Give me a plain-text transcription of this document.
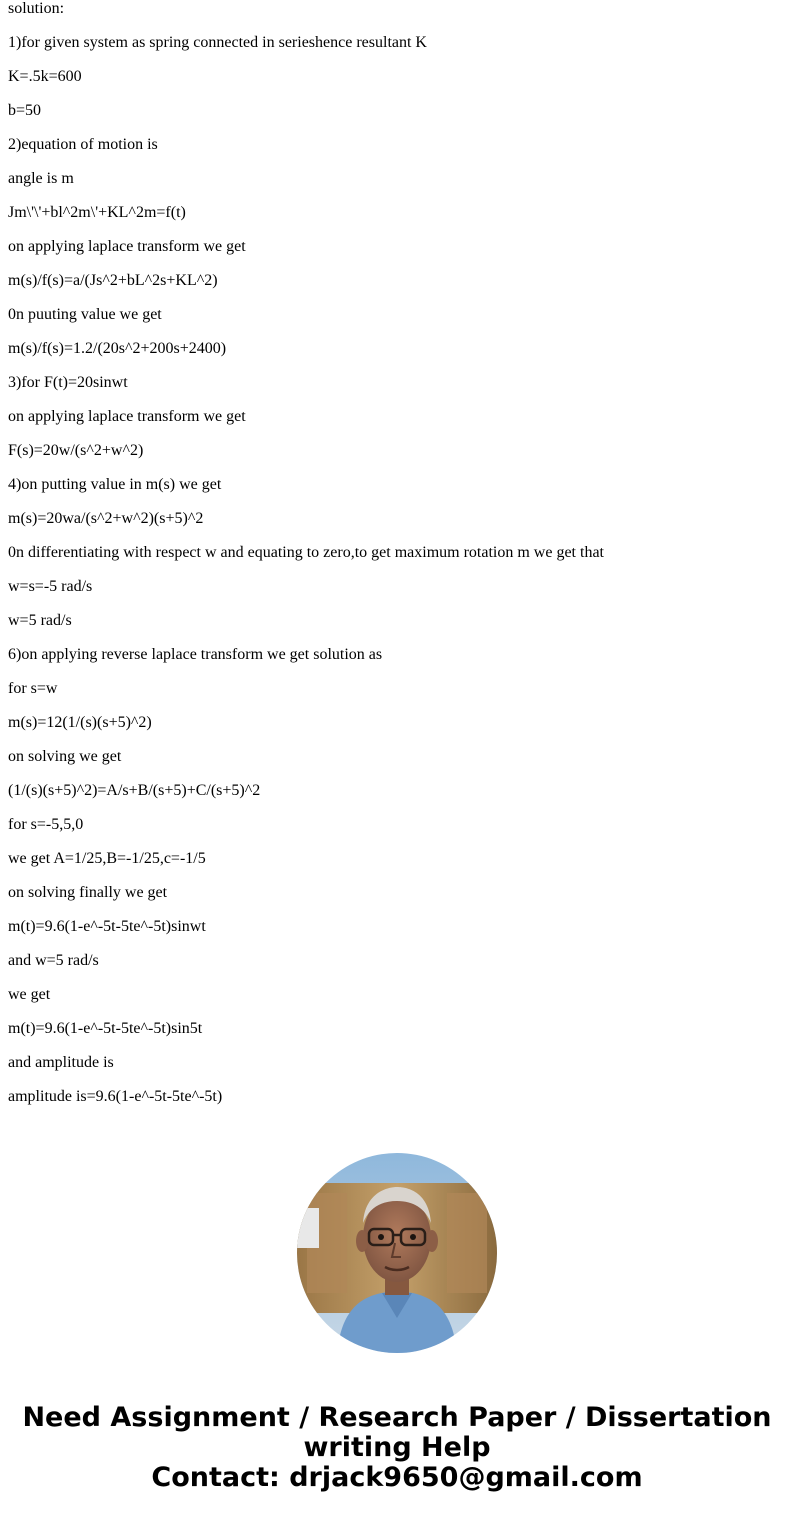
solution:
1)for given system as spring connected in serieshence resultant K
K=.5k=600
b=50
2)equation of motion is
angle is m
Jm\'\'+bl^2m\'+KL^2m=f(t)
on applying laplace transform we get
m(s)/f(s)=a/(Js^2+bL^2s+KL^2)
0n puuting value we get
m(s)/f(s)=1.2/(20s^2+200s+2400)
3)for F(t)=20sinwt
on applying laplace transform we get
F(s)=20w/(s^2+w^2)
4)on putting value in m(s) we get
m(s)=20wa/(s^2+w^2)(s+5)^2
0n differentiating with respect w and equating to zero,to get maximum rotation m we get that
w=s=-5 rad/s
w=5 rad/s
6)on applying reverse laplace transform we get solution as
for s=w
m(s)=12(1/(s)(s+5)^2)
on solving we get
(1/(s)(s+5)^2)=A/s+B/(s+5)+C/(s+5)^2
for s=-5,5,0
we get A=1/25,B=-1/25,c=-1/5
on solving finally we get
m(t)=9.6(1-e^-5t-5te^-5t)sinwt
and w=5 rad/s
we get
m(t)=9.6(1-e^-5t-5te^-5t)sin5t
and amplitude is
amplitude is=9.6(1-e^-5t-5te^-5t)
Need Assignment / Research Paper / Dissertation
writing Help
Contact: drjack9650@gmail.com
